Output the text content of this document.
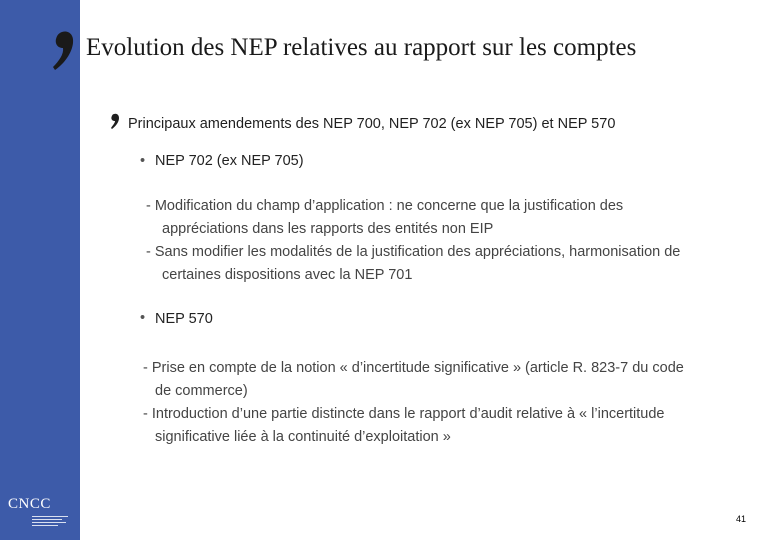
CNCC
Evolution des NEP relatives au rapport sur les comptes
Principaux amendements des NEP 700, NEP 702 (ex NEP 705) et NEP 570
• NEP 702 (ex NEP 705)
- Modification du champ d’application : ne concerne que la justification des
appréciations dans les rapports des entités non EIP
- Sans modifier les modalités de la justification des appréciations, harmonisation de
certaines dispositions avec la NEP 701
• NEP 570
- Prise en compte de la notion « d’incertitude significative » (article R. 823-7 du code
de commerce)
- Introduction d’une partie distincte dans le rapport d’audit relative à « l’incertitude
significative liée à la continuité d’exploitation »
41
